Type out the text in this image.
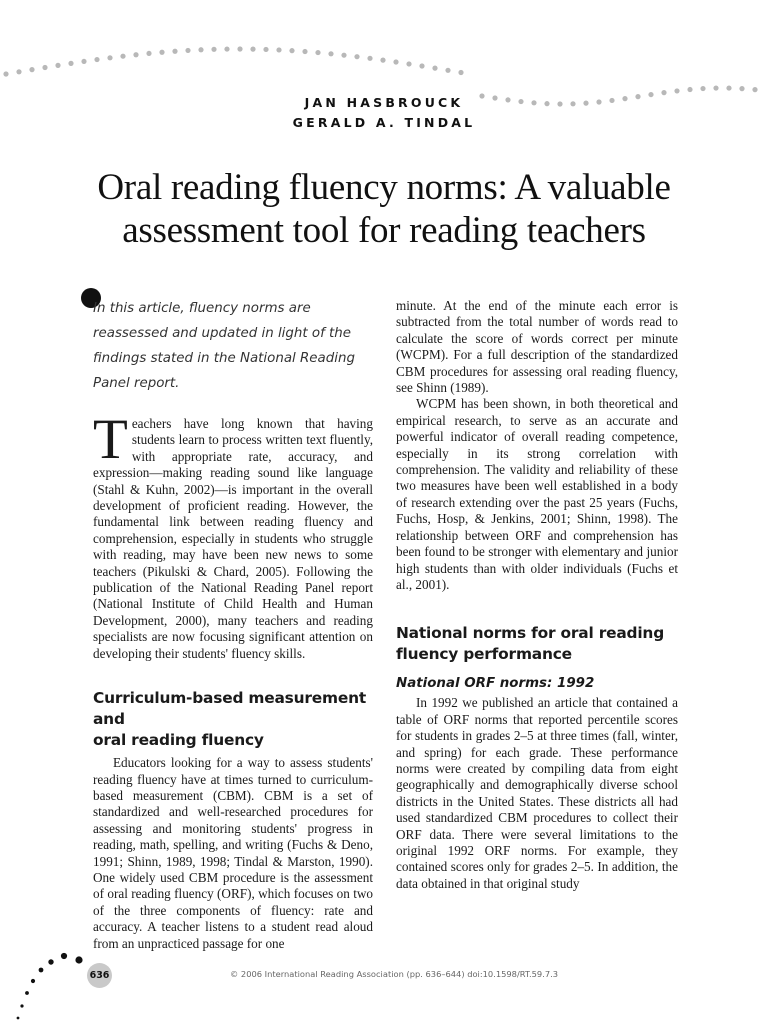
JAN HASBROUCK
GERALD A. TINDAL
Oral reading fluency norms: A valuable
assessment tool for reading teachers

In this article, fluency norms are reassessed and updated in light of the findings stated in the National Reading Panel report.

Teachers have long known that having students learn to process written text fluently, with appropriate rate, accuracy, and expression—making reading sound like language (Stahl & Kuhn, 2002)—is important in the overall development of proficient reading. However, the fundamental link between reading fluency and comprehension, especially in students who struggle with reading, may have been new news to some teachers (Pikulski & Chard, 2005). Following the publication of the National Reading Panel report (National Institute of Child Health and Human Development, 2000), many teachers and reading specialists are now focusing significant attention on developing their students' fluency skills.

Curriculum-based measurement and
oral reading fluency

Educators looking for a way to assess students' reading fluency have at times turned to curriculum-based measurement (CBM). CBM is a set of standardized and well-researched procedures for assessing and monitoring students' progress in reading, math, spelling, and writing (Fuchs & Deno, 1991; Shinn, 1989, 1998; Tindal & Marston, 1990). One widely used CBM procedure is the assessment of oral reading fluency (ORF), which focuses on two of the three components of fluency: rate and accuracy. A teacher listens to a student read aloud from an unpracticed passage for one

minute. At the end of the minute each error is subtracted from the total number of words read to calculate the score of words correct per minute (WCPM). For a full description of the standardized CBM procedures for assessing oral reading fluency, see Shinn (1989).

WCPM has been shown, in both theoretical and empirical research, to serve as an accurate and powerful indicator of overall reading competence, especially in its strong correlation with comprehension. The validity and reliability of these two measures have been well established in a body of research extending over the past 25 years (Fuchs, Fuchs, Hosp, & Jenkins, 2001; Shinn, 1998). The relationship between ORF and comprehension has been found to be stronger with elementary and junior high students than with older individuals (Fuchs et al., 2001).

National norms for oral reading
fluency performance
National ORF norms: 1992

In 1992 we published an article that contained a table of ORF norms that reported percentile scores for students in grades 2–5 at three times (fall, winter, and spring) for each grade. These performance norms were created by compiling data from eight geographically and demographically diverse school districts in the United States. These districts all had used standardized CBM procedures to collect their ORF data. There were several limitations to the original 1992 ORF norms. For example, they contained scores only for grades 2–5. In addition, the data obtained in that original study

636	© 2006 International Reading Association (pp. 636–644) doi:10.1598/RT.59.7.3
